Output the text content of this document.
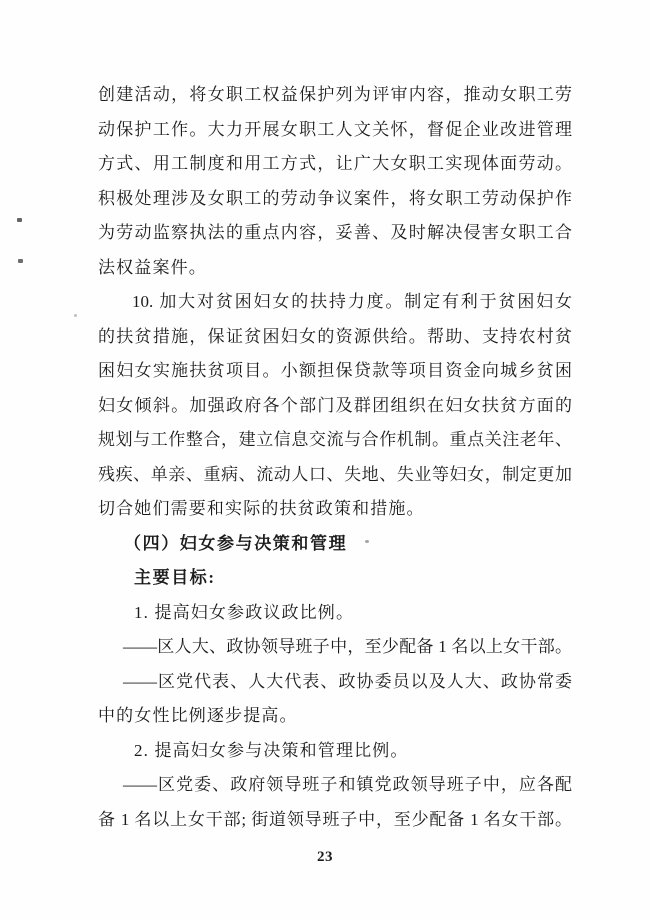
创建活动，将女职工权益保护列为评审内容，推动女职工劳
动保护工作。大力开展女职工人文关怀，督促企业改进管理
方式、用工制度和用工方式，让广大女职工实现体面劳动。
积极处理涉及女职工的劳动争议案件，将女职工劳动保护作
为劳动监察执法的重点内容，妥善、及时解决侵害女职工合
法权益案件。
10. 加大对贫困妇女的扶持力度。制定有利于贫困妇女
的扶贫措施，保证贫困妇女的资源供给。帮助、支持农村贫
困妇女实施扶贫项目。小额担保贷款等项目资金向城乡贫困
妇女倾斜。加强政府各个部门及群团组织在妇女扶贫方面的
规划与工作整合，建立信息交流与合作机制。重点关注老年、
残疾、单亲、重病、流动人口、失地、失业等妇女，制定更加
切合她们需要和实际的扶贫政策和措施。
（四）妇女参与决策和管理
主要目标:
1. 提高妇女参政议政比例。
——区人大、政协领导班子中，至少配备 1 名以上女干部。
——区党代表、人大代表、政协委员以及人大、政协常委
中的女性比例逐步提高。
2. 提高妇女参与决策和管理比例。
——区党委、政府领导班子和镇党政领导班子中，应各配
备 1 名以上女干部; 街道领导班子中，至少配备 1 名女干部。
23
